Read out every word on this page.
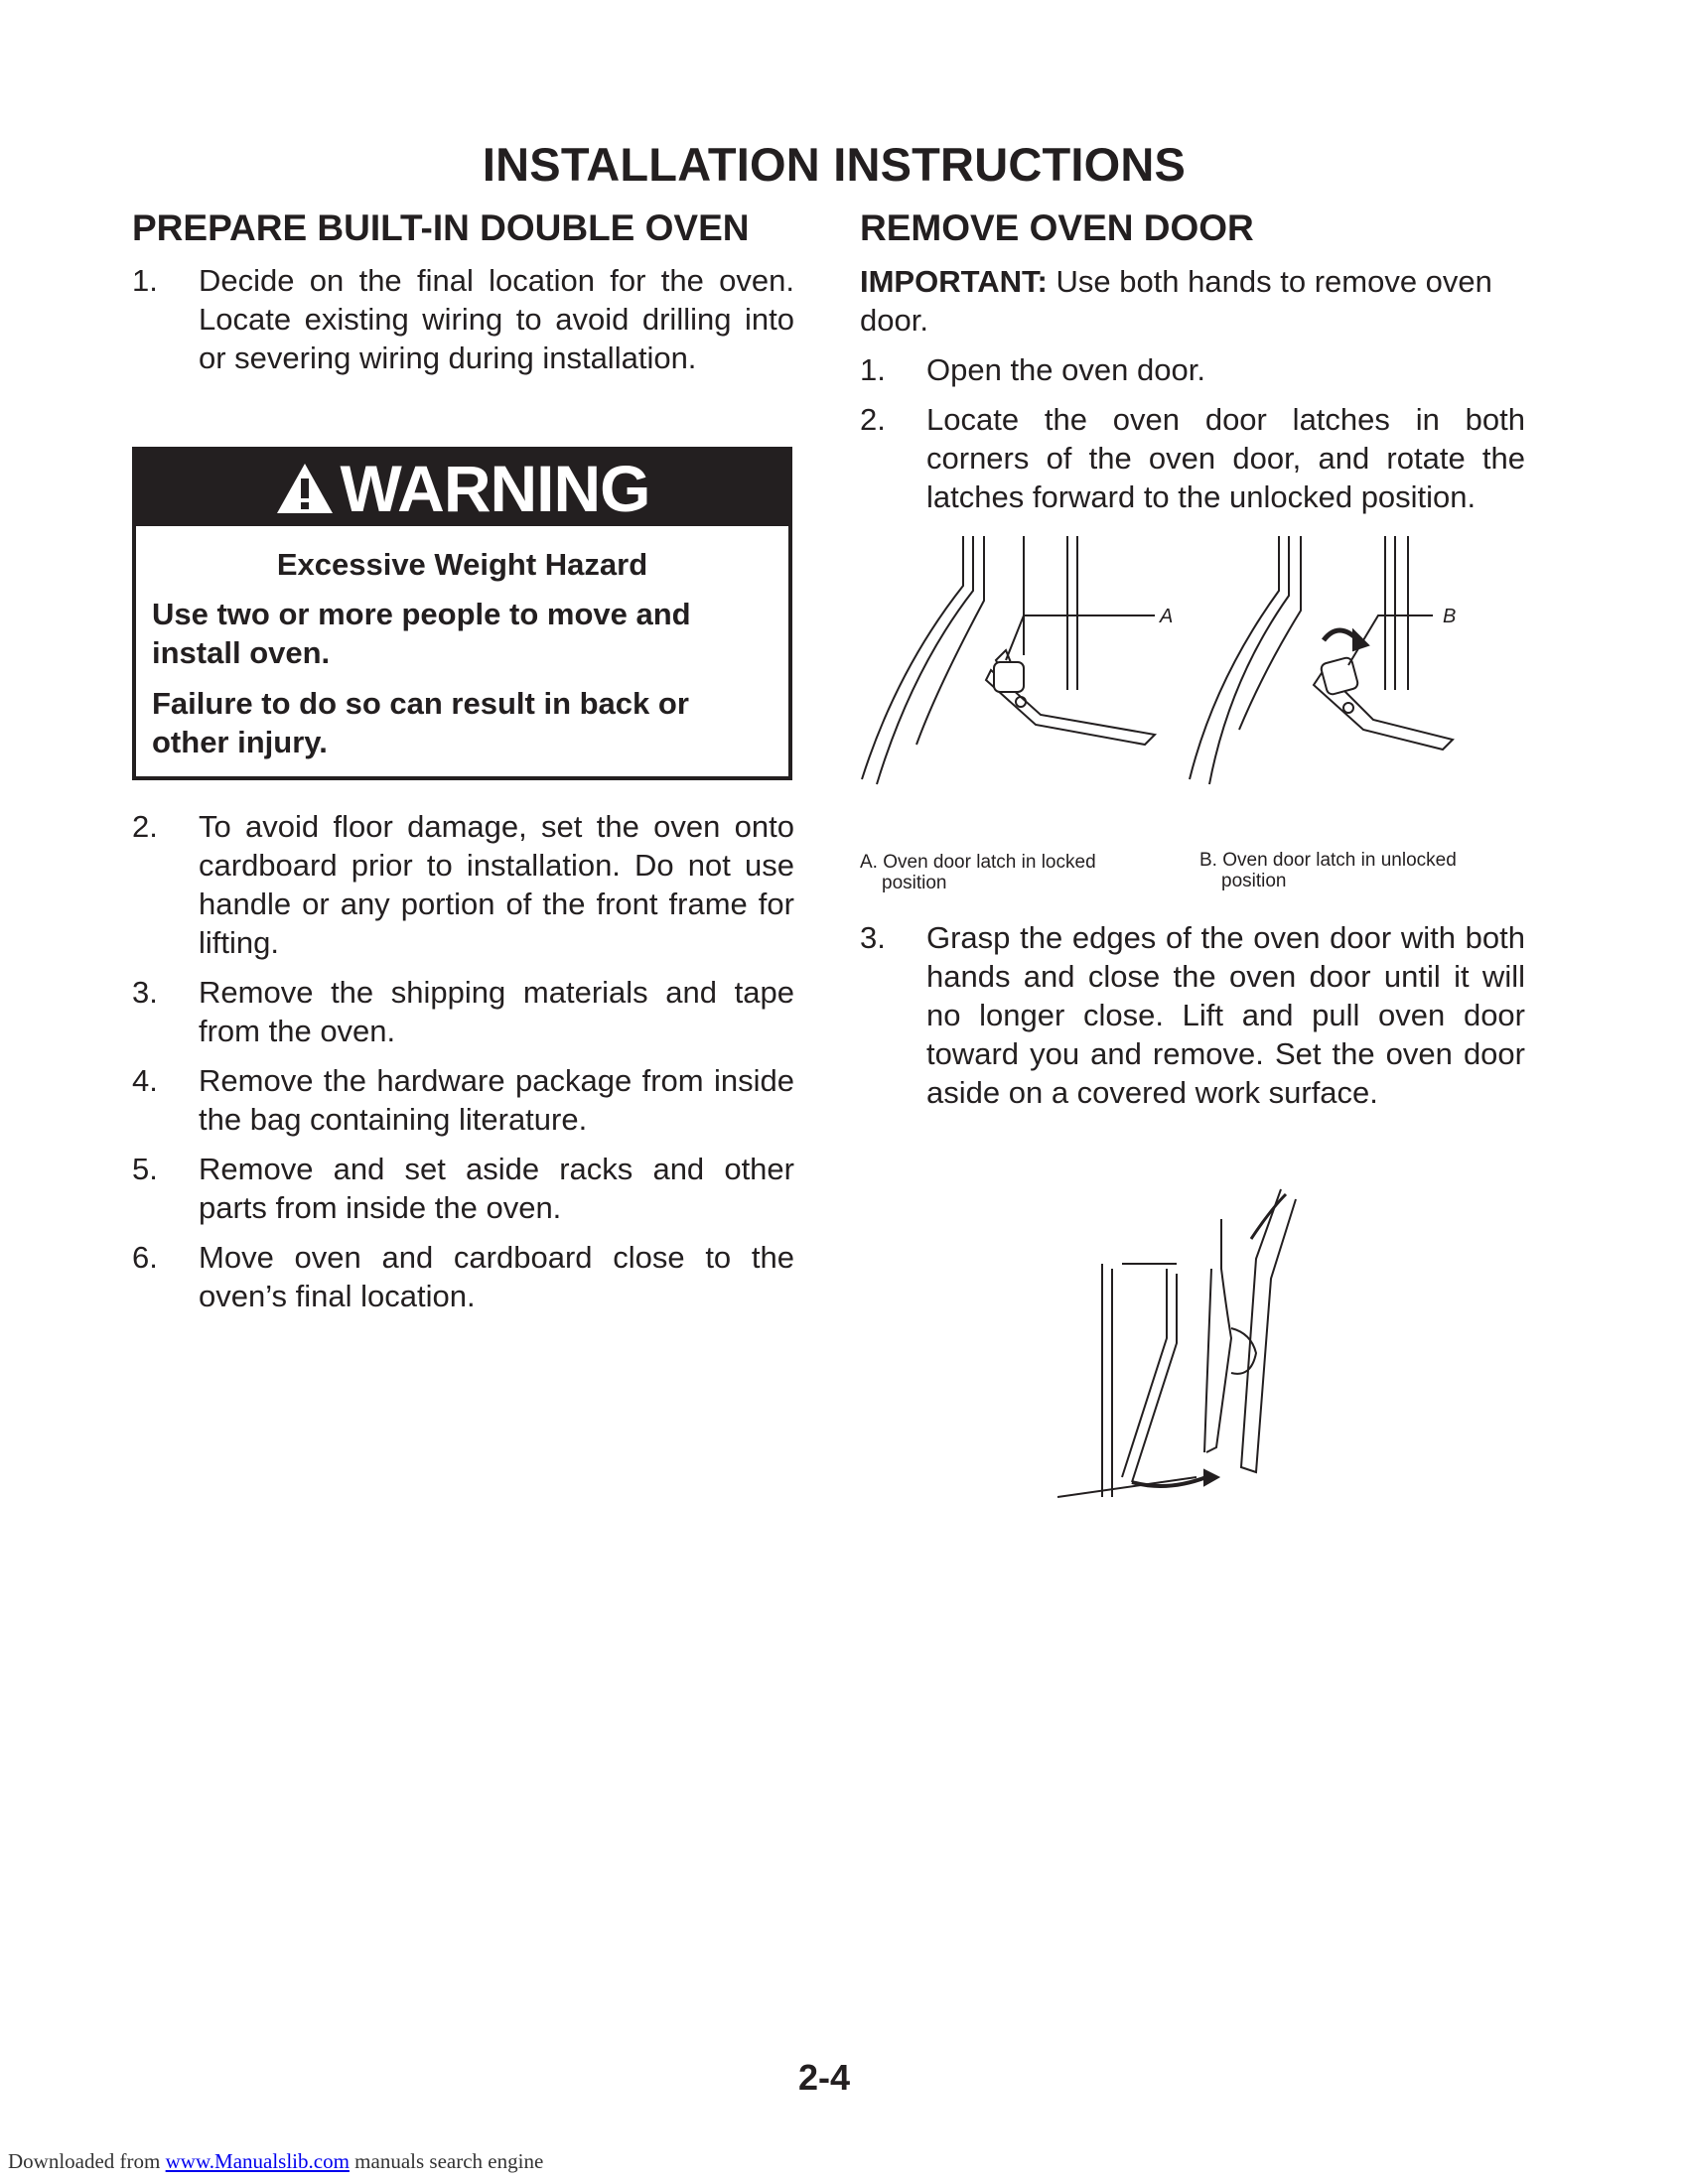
INSTALLATION INSTRUCTIONS
PREPARE BUILT-IN DOUBLE OVEN
1.	Decide on the final location for the oven. Locate existing wiring to avoid drilling into or severing wiring during installation.
WARNING
Excessive Weight Hazard
Use two or more people to move and install oven.
Failure to do so can result in back or other injury.
2.	To avoid floor damage, set the oven onto cardboard prior to installation. Do not use handle or any portion of the front frame for lifting.
3.	Remove the shipping materials and tape from the oven.
4.	Remove the hardware package from inside the bag containing literature.
5.	Remove and set aside racks and other parts from inside the oven.
6.	Move oven and cardboard close to the oven’s final location.
REMOVE OVEN DOOR
IMPORTANT: Use both hands to remove oven door.
1.	Open the oven door.
2.	Locate the oven door latches in both corners of the oven door, and rotate the latches forward to the unlocked position.
A	B
A. Oven door latch in locked
position
B. Oven door latch in unlocked
position
3.	Grasp the edges of the oven door with both hands and close the oven door until it will no longer close. Lift and pull oven door toward you and remove. Set the oven door aside on a covered work surface.
2-4
Downloaded from www.Manualslib.com manuals search engine
